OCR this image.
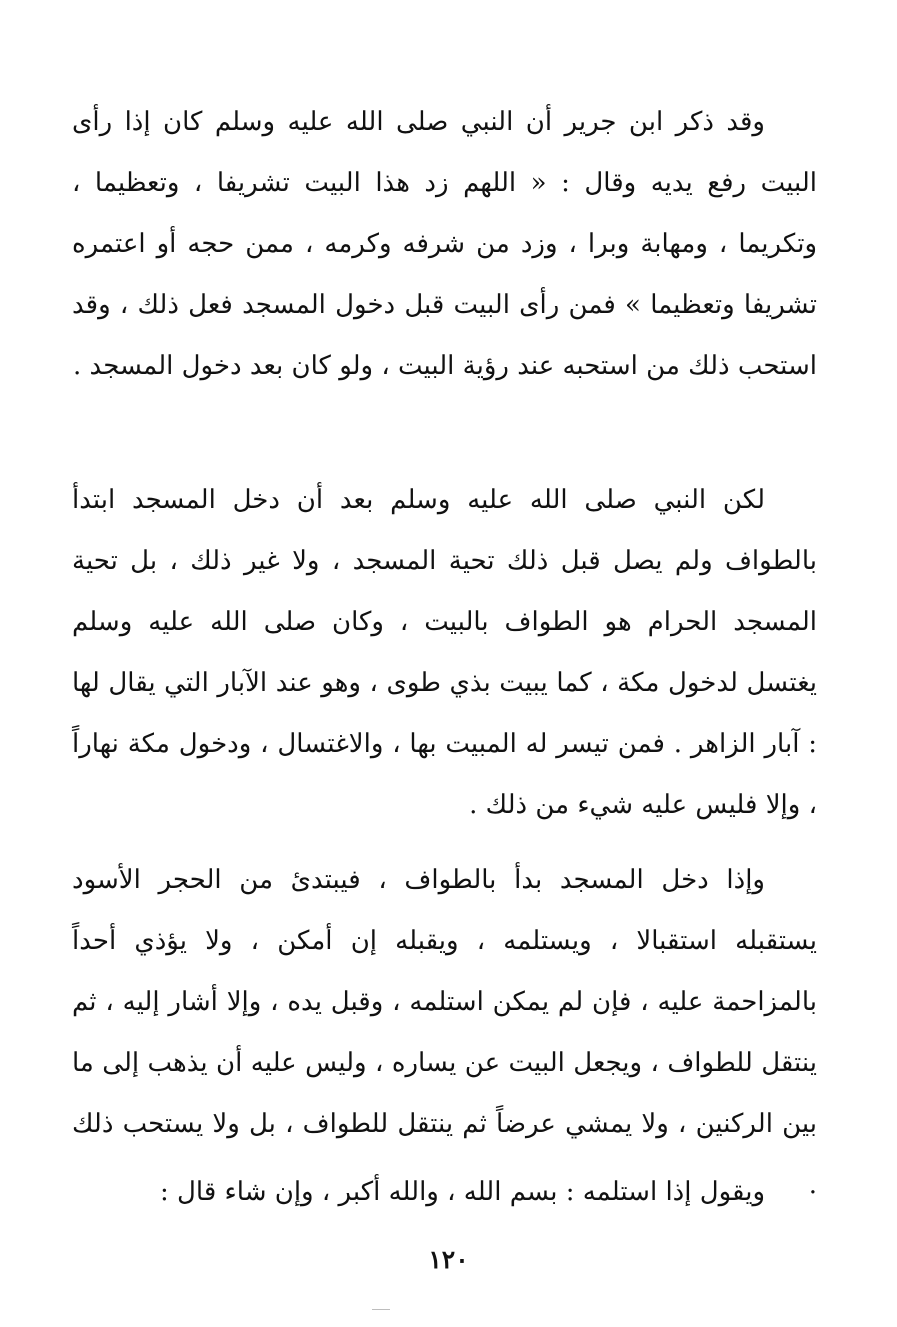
وقد ذكر ابن جرير أن النبي صلى الله عليه وسلم كان إذا رأى البيت رفع يديه وقال : « اللهم زد هذا البيت تشريفا ، وتعظيما ، وتكريما ، ومهابة وبرا ، وزد من شرفه وكرمه ، ممن حجه أو اعتمره تشريفا وتعظيما » فمن رأى البيت قبل دخول المسجد فعل ذلك ، وقد استحب ذلك من استحبه عند رؤية البيت ، ولو كان بعد دخول المسجد .

لكن النبي صلى الله عليه وسلم بعد أن دخل المسجد ابتدأ بالطواف ولم يصل قبل ذلك تحية المسجد ، ولا غير ذلك ، بل تحية المسجد الحرام هو الطواف بالبيت ، وكان صلى الله عليه وسلم يغتسل لدخول مكة ، كما يبيت بذي طوى ، وهو عند الآبار التي يقال لها : آبار الزاهر . فمن تيسر له المبيت بها ، والاغتسال ، ودخول مكة نهاراً ، وإلا فليس عليه شيء من ذلك .

وإذا دخل المسجد بدأ بالطواف ، فيبتدئ من الحجر الأسود يستقبله استقبالا ، ويستلمه ، ويقبله إن أمكن ، ولا يؤذي أحداً بالمزاحمة عليه ، فإن لم يمكن استلمه ، وقبل يده ، وإلا أشار إليه ، ثم ينتقل للطواف ، ويجعل البيت عن يساره ، وليس عليه أن يذهب إلى ما بين الركنين ، ولا يمشي عرضاً ثم ينتقل للطواف ، بل ولا يستحب ذلك .

ويقول إذا استلمه : بسم الله ، والله أكبر ، وإن شاء قال :

١٢٠
